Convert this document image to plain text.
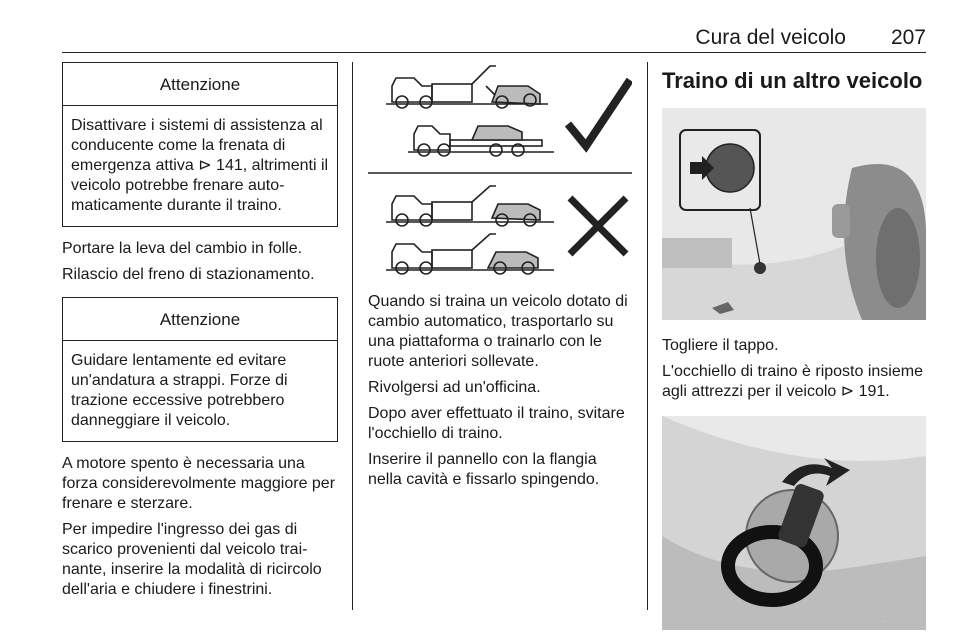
Cura del veicolo 207
Attenzione
Disattivare i sistemi di assistenza al conducente come la frenata di emergenza attiva ⊳ 141, altrimenti il veicolo potrebbe frenare auto-maticamente durante il traino.

Portare la leva del cambio in folle.

Rilascio del freno di stazionamento.

Attenzione
Guidare lentamente ed evitare un'andatura a strappi. Forze di trazione eccessive potrebbero danneggiare il veicolo.

A motore spento è necessaria una forza considerevolmente maggiore per frenare e sterzare.

Per impedire l'ingresso dei gas di scarico provenienti dal veicolo trai-nante, inserire la modalità di ricircolo dell'aria e chiudere i finestrini.

Quando si traina un veicolo dotato di cambio automatico, trasportarlo su una piattaforma o trainarlo con le ruote anteriori sollevate.

Rivolgersi ad un'officina.

Dopo aver effettuato il traino, svitare l'occhiello di traino.

Inserire il pannello con la flangia nella cavità e fissarlo spingendo.

Traino di un altro veicolo

Togliere il tappo.

L'occhiello di traino è riposto insieme agli attrezzi per il veicolo ⊳ 191.

.
